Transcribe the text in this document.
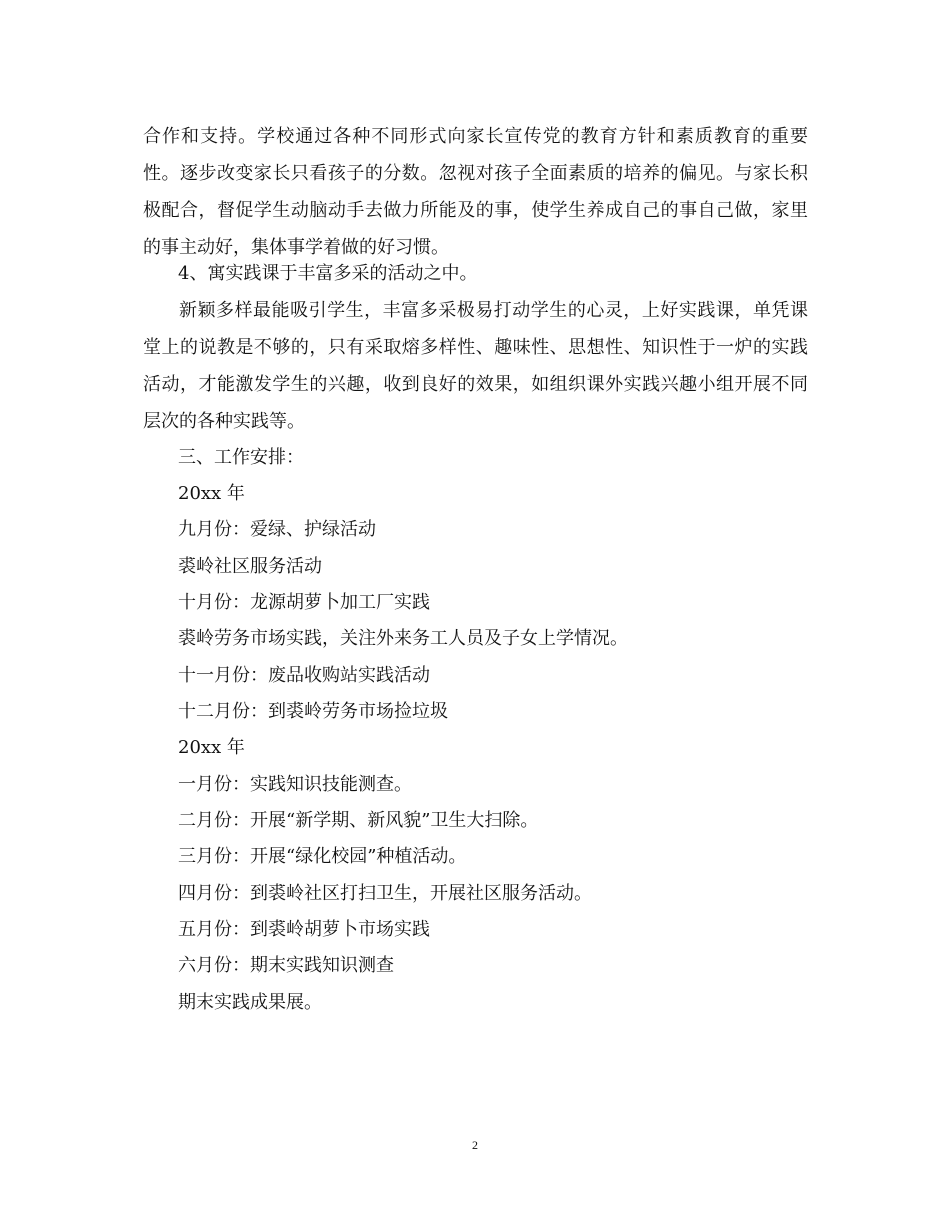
合作和支持。学校通过各种不同形式向家长宣传党的教育方针和素质教育的重要性。逐步改变家长只看孩子的分数。忽视对孩子全面素质的培养的偏见。与家长积极配合，督促学生动脑动手去做力所能及的事，使学生养成自己的事自己做，家里的事主动好，集体事学着做的好习惯。

4、寓实践课于丰富多采的活动之中。

新颖多样最能吸引学生，丰富多采极易打动学生的心灵，上好实践课，单凭课堂上的说教是不够的，只有采取熔多样性、趣味性、思想性、知识性于一炉的实践活动，才能激发学生的兴趣，收到良好的效果，如组织课外实践兴趣小组开展不同层次的各种实践等。

三、工作安排：
20xx 年
九月份：爱绿、护绿活动
裘岭社区服务活动
十月份：龙源胡萝卜加工厂实践
裘岭劳务市场实践，关注外来务工人员及子女上学情况。
十一月份：废品收购站实践活动
十二月份：到裘岭劳务市场捡垃圾
20xx 年
一月份：实践知识技能测查。
二月份：开展“新学期、新风貌”卫生大扫除。
三月份：开展“绿化校园”种植活动。
四月份：到裘岭社区打扫卫生，开展社区服务活动。
五月份：到裘岭胡萝卜市场实践
六月份：期末实践知识测查
期末实践成果展。
2
